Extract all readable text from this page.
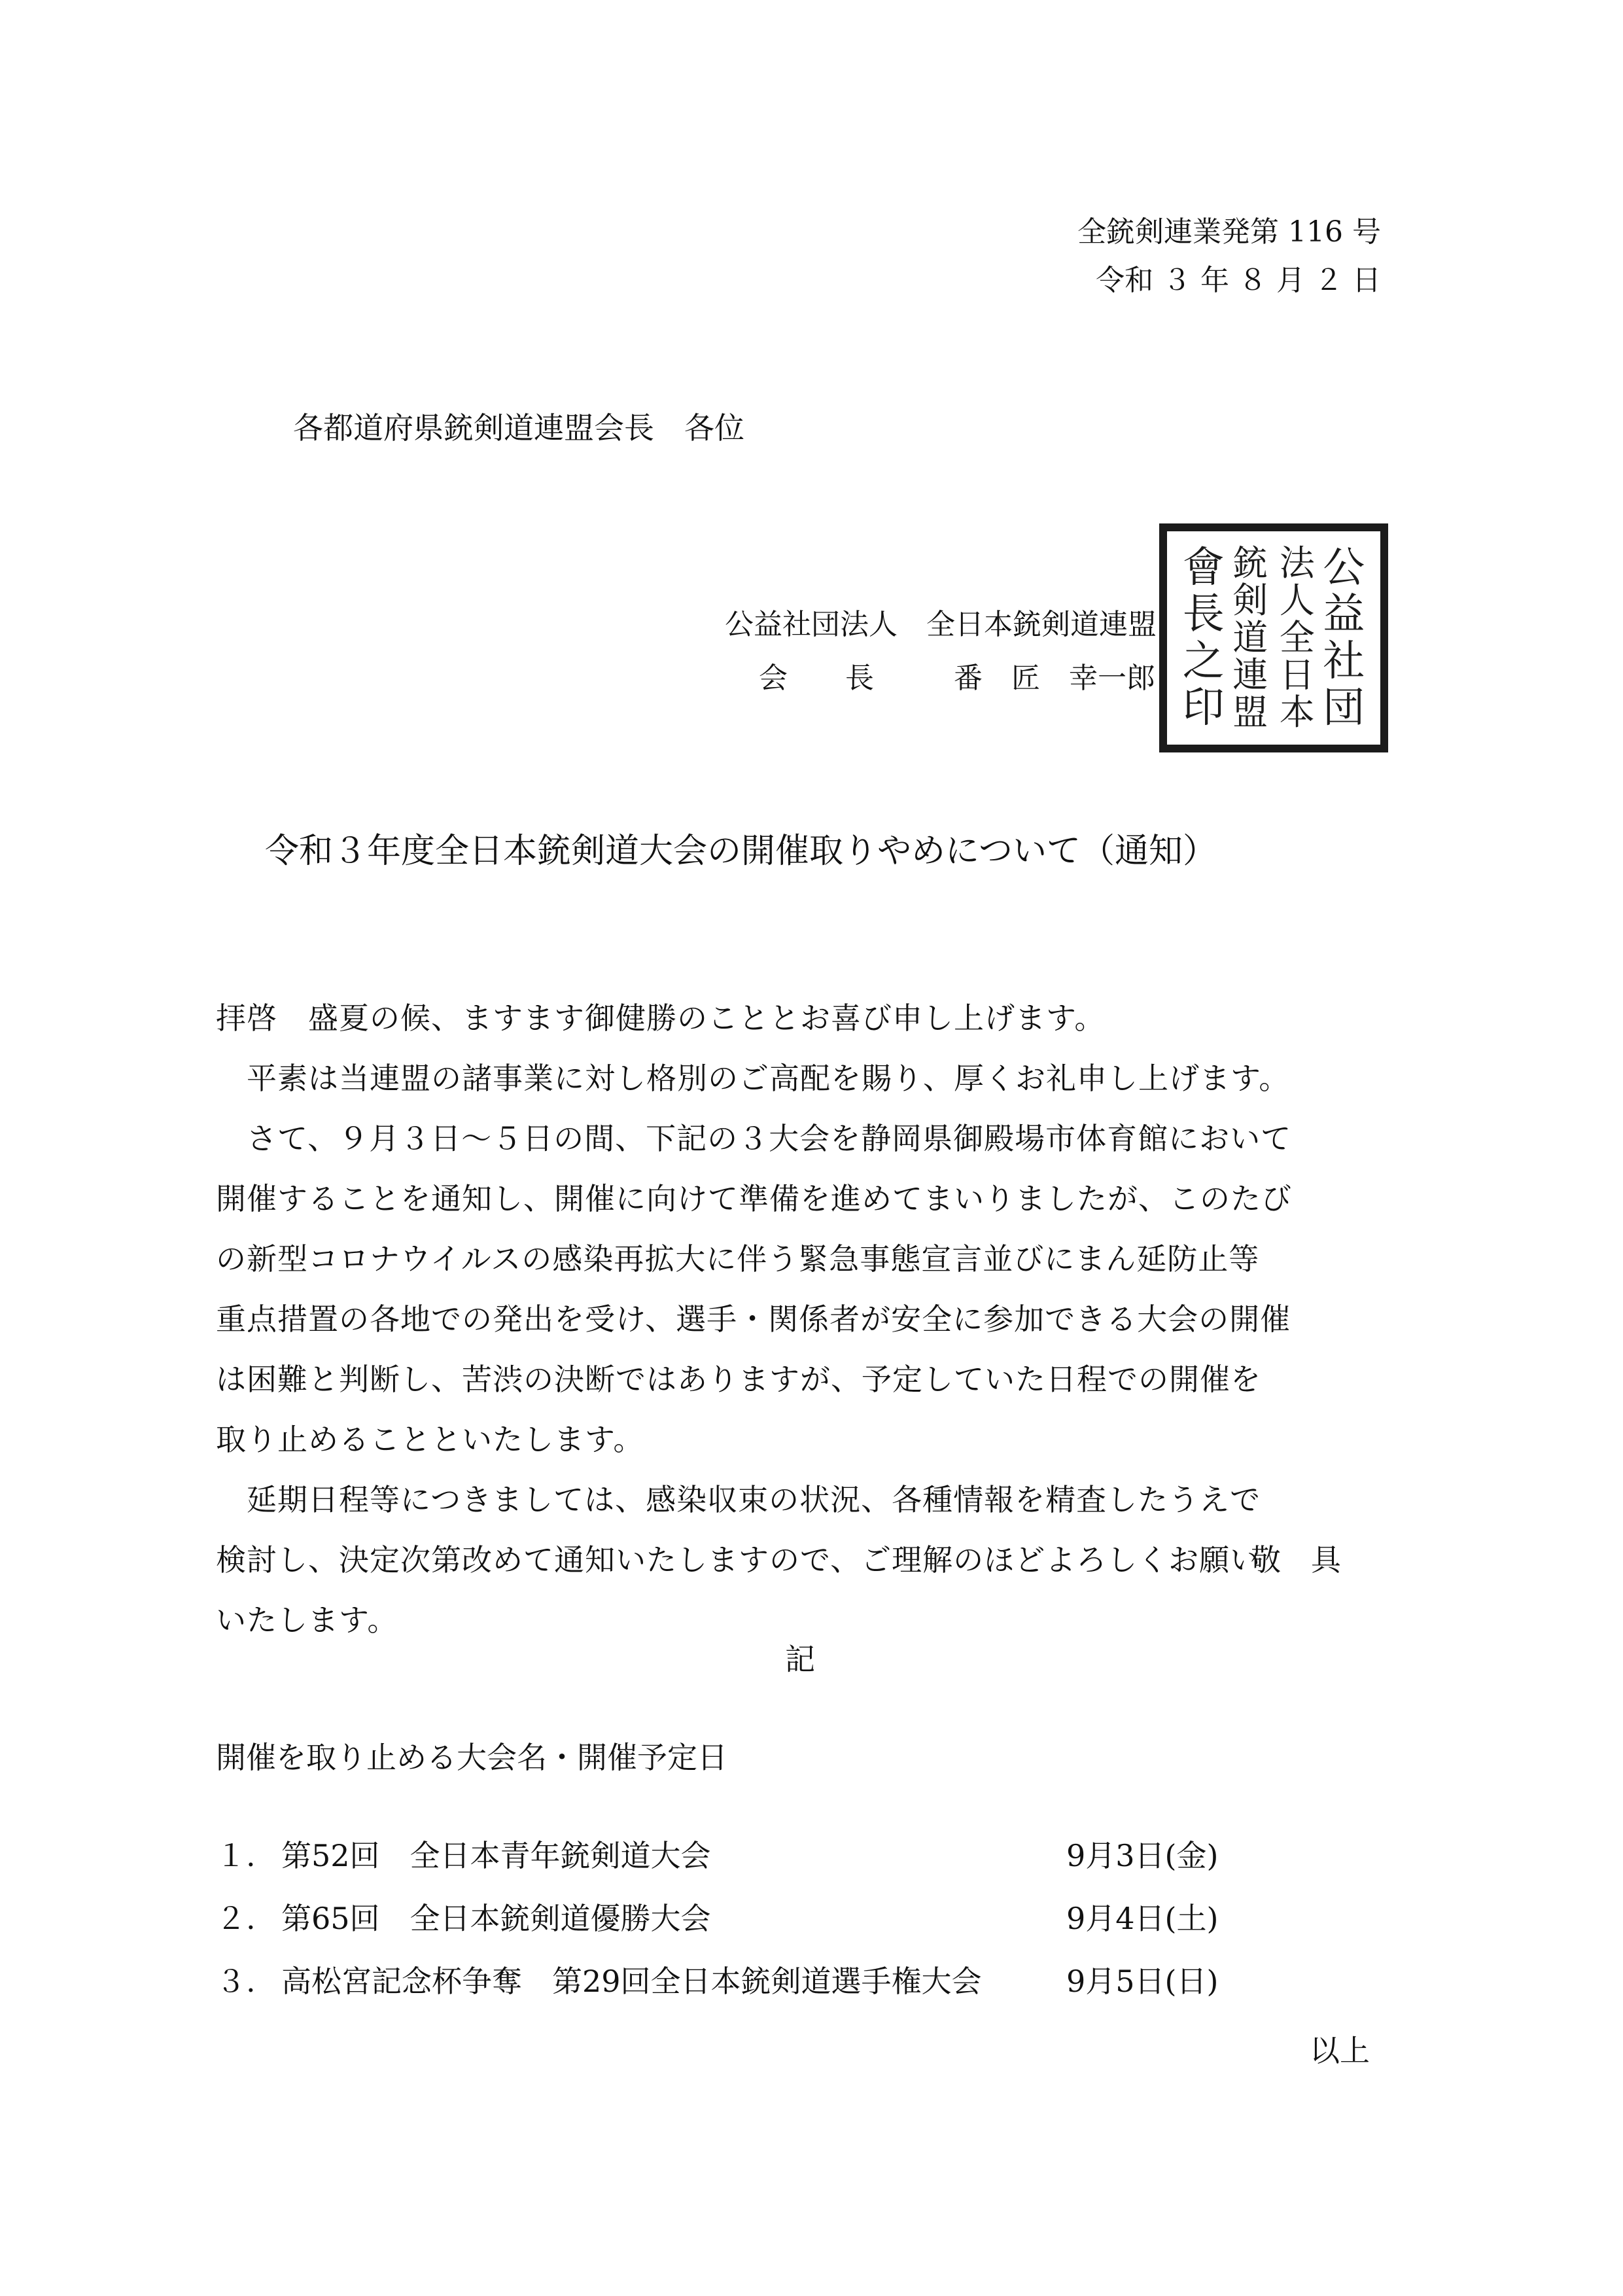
全銃剣連業発第 116 号
令和 ３ 年 ８ 月 ２ 日
各都道府県銃剣道連盟会長　各位
公益社団法人　全日本銃剣道連盟
会　　長	番　匠　幸一郎
公
益
社
団
法
人
全
日
本
銃
剣
道
連
盟
會
長
之
印
令和３年度全日本銃剣道大会の開催取りやめについて（通知）
拝啓　盛夏の候、ますます御健勝のこととお喜び申し上げます。
　平素は当連盟の諸事業に対し格別のご高配を賜り、厚くお礼申し上げます。
　さて、９月３日～５日の間、下記の３大会を静岡県御殿場市体育館において
開催することを通知し、開催に向けて準備を進めてまいりましたが、このたび
の新型コロナウイルスの感染再拡大に伴う緊急事態宣言並びにまん延防止等
重点措置の各地での発出を受け、選手・関係者が安全に参加できる大会の開催
は困難と判断し、苦渋の決断ではありますが、予定していた日程での開催を
取り止めることといたします。
　延期日程等につきましては、感染収束の状況、各種情報を精査したうえで
検討し、決定次第改めて通知いたしますので、ご理解のほどよろしくお願い
いたします。
敬　具
記
開催を取り止める大会名・開催予定日
１. 第52回　全日本青年銃剣道大会	9月3日(金)
２. 第65回　全日本銃剣道優勝大会	9月4日(土)
３. 高松宮記念杯争奪　第29回全日本銃剣道選手権大会	9月5日(日)
以上
